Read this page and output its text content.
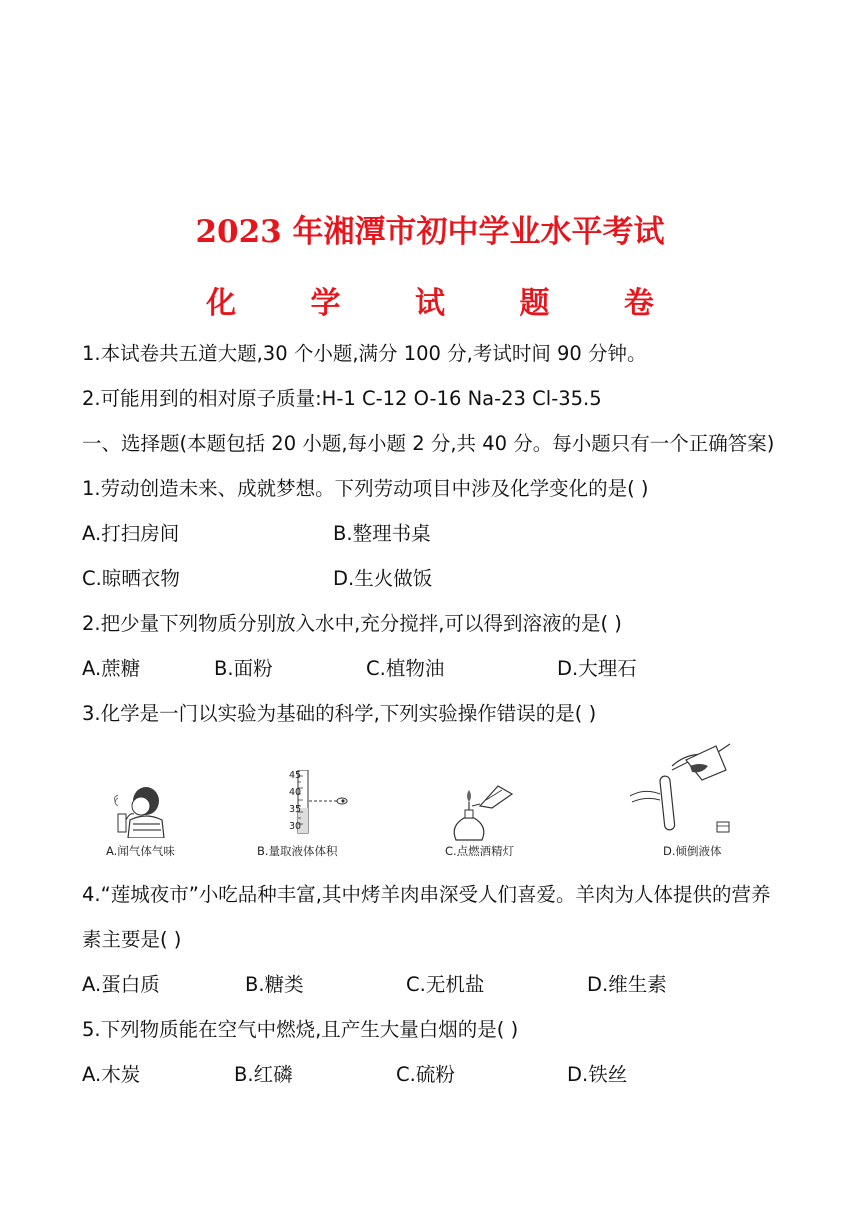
2023 年湘潭市初中学业水平考试
化 学 试 题 卷
1.本试卷共五道大题,30 个小题,满分 100 分,考试时间 90 分钟。
2.可能用到的相对原子质量:H-1 C-12 O-16 Na-23 Cl-35.5
一、选择题(本题包括 20 小题,每小题 2 分,共 40 分。每小题只有一个正确答案)
1.劳动创造未来、成就梦想。下列劳动项目中涉及化学变化的是( )
A.打扫房间	B.整理书桌
C.晾晒衣物	D.生火做饭
2.把少量下列物质分别放入水中,充分搅拌,可以得到溶液的是( )
A.蔗糖	B.面粉	C.植物油	D.大理石
3.化学是一门以实验为基础的科学,下列实验操作错误的是( )
A.闻气体气味
45
40
35
30
B.量取液体体积	C.点燃酒精灯	D.倾倒液体
4.“莲城夜市”小吃品种丰富,其中烤羊肉串深受人们喜爱。羊肉为人体提供的营养
素主要是( )
A.蛋白质	B.糖类	C.无机盐	D.维生素
5.下列物质能在空气中燃烧,且产生大量白烟的是( )
A.木炭	B.红磷	C.硫粉	D.铁丝
